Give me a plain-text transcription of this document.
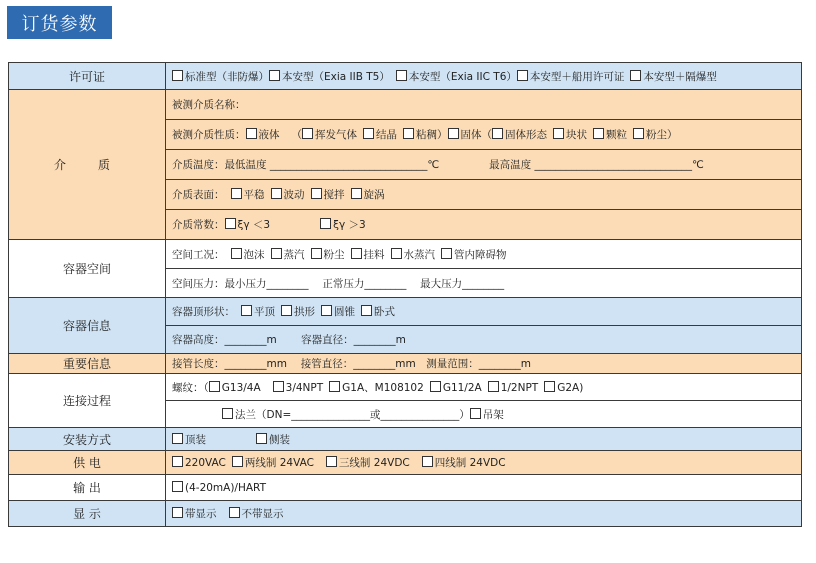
订货参数
许可证	标准型（非防爆） 本安型（Exia IIB T5） 本安型（Exia IIC T6） 本安型＋船用许可证 本安型＋隔爆型
介　质	被测介质名称：
	被测介质性质： 液体 （ 挥发气体 结晶 粘稠） 固体（ 固体形态 块状 颗粒 粉尘）
	介质温度：最低温度 ______________________________℃ 最高温度 ______________________________℃
	介质表面： 平稳 波动 搅拌 旋涡
	介质常数： ξγ ＜3 ξγ ＞3
容器空间	空间工况： 泡沫 蒸汽 粉尘 挂料 水蒸汽 管内障碍物
	空间压力：最小压力________　 正常压力________　 最大压力________
容器信息	容器顶形状： 平顶 拱形 圆锥 卧式
	容器高度：________m　　 容器直径：________m
重要信息	接管长度：________mm　 接管直径：________mm　测量范围：________m
连接过程	螺纹：（ G13/4A 3/4NPT G1A、M108102 G11/2A 1/2NPT G2A)
	法兰（DN=_______________或_______________） 吊架
安装方式	顶装 侧装
供 电	220VAC 两线制 24VAC 三线制 24VDC 四线制 24VDC
输 出	(4-20mA)/HART
显 示	带显示 不带显示
